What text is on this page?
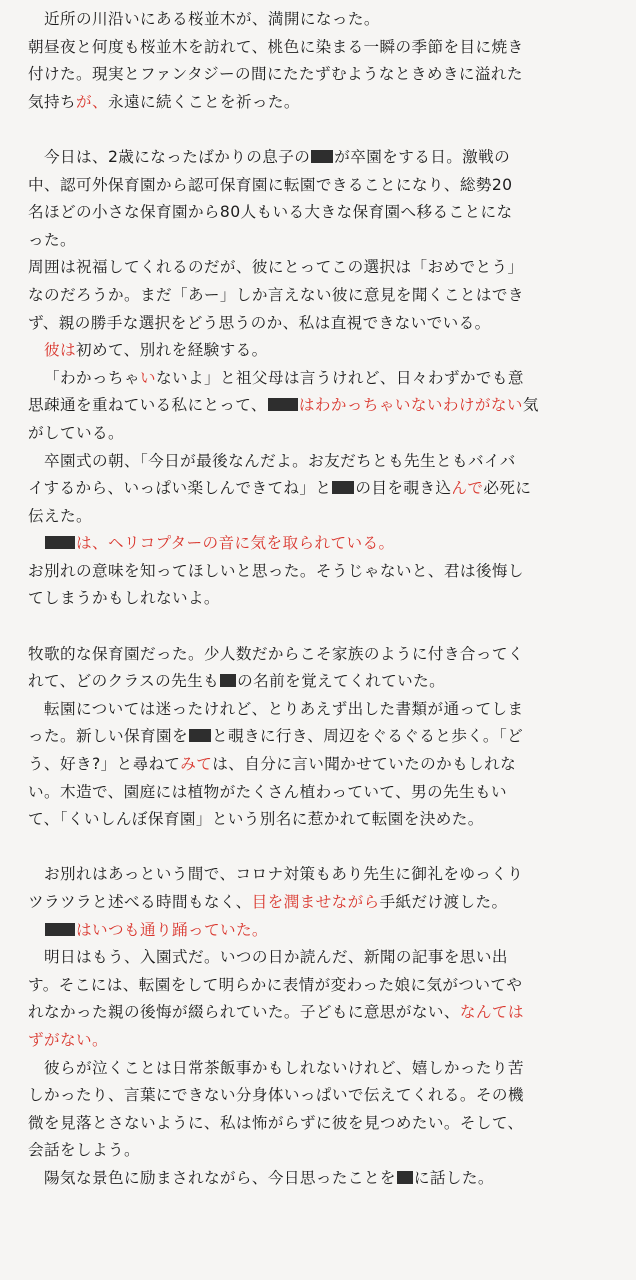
近所の川沿いにある桜並木が、満開になった。
朝昼夜と何度も桜並木を訪れて、桃色に染まる一瞬の季節を目に焼き
付けた。現実とファンタジーの間にたたずむようなときめきに溢れた
気持ちが、永遠に続くことを祈った。
今日は、2歳になったばかりの息子の が卒園をする日。激戦の
中、認可外保育園から認可保育園に転園できることになり、総勢20
名ほどの小さな保育園から80人もいる大きな保育園へ移ることにな
った。
周囲は祝福してくれるのだが、彼にとってこの選択は「おめでとう」
なのだろうか。まだ「あー」しか言えない彼に意見を聞くことはでき
ず、親の勝手な選択をどう思うのか、私は直視できないでいる。
彼は初めて、別れを経験する。
「わかっちゃいないよ」と祖父母は言うけれど、日々わずかでも意
思疎通を重ねている私にとって、 はわかっちゃいないわけがない気
がしている。
卒園式の朝、「今日が最後なんだよ。お友だちとも先生ともバイバ
イするから、いっぱい楽しんできてね」と の目を覗き込んで必死に
伝えた。
は、ヘリコプターの音に気を取られている。
お別れの意味を知ってほしいと思った。そうじゃないと、君は後悔し
てしまうかもしれないよ。
牧歌的な保育園だった。少人数だからこそ家族のように付き合ってく
れて、どのクラスの先生も の名前を覚えてくれていた。
転園については迷ったけれど、とりあえず出した書類が通ってしま
った。新しい保育園を と覗きに行き、周辺をぐるぐると歩く。「ど
う、好き?」と尋ねてみては、自分に言い聞かせていたのかもしれな
い。木造で、園庭には植物がたくさん植わっていて、男の先生もい
て、「くいしんぼ保育園」という別名に惹かれて転園を決めた。
お別れはあっという間で、コロナ対策もあり先生に御礼をゆっくり
ツラツラと述べる時間もなく、目を潤ませながら手紙だけ渡した。
はいつも通り踊っていた。
明日はもう、入園式だ。いつの日か読んだ、新聞の記事を思い出
す。そこには、転園をして明らかに表情が変わった娘に気がついてや
れなかった親の後悔が綴られていた。子どもに意思がない、なんては
ずがない。
彼らが泣くことは日常茶飯事かもしれないけれど、嬉しかったり苦
しかったり、言葉にできない分身体いっぱいで伝えてくれる。その機
微を見落とさないように、私は怖がらずに彼を見つめたい。そして、
会話をしよう。
陽気な景色に励まされながら、今日思ったことを に話した。
